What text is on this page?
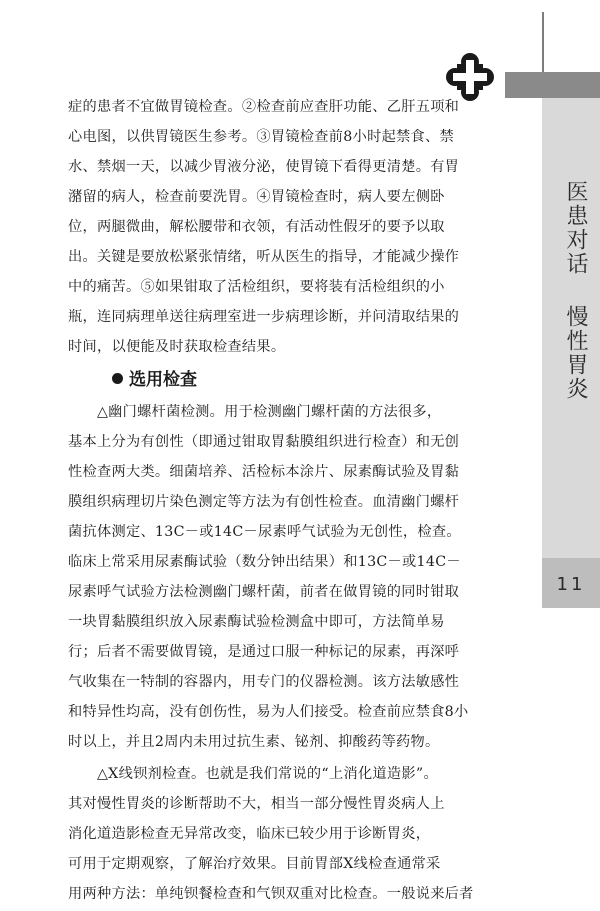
医患对话
慢性胃炎
11

症的患者不宜做胃镜检查。②检查前应查肝功能、乙肝五项和
心电图，以供胃镜医生参考。③胃镜检查前8小时起禁食、禁
水、禁烟一天，以减少胃液分泌，使胃镜下看得更清楚。有胃
潴留的病人，检查前要洗胃。④胃镜检查时，病人要左侧卧
位，两腿微曲，解松腰带和衣领，有活动性假牙的要予以取
出。关键是要放松紧张情绪，听从医生的指导，才能减少操作
中的痛苦。⑤如果钳取了活检组织，要将装有活检组织的小
瓶，连同病理单送往病理室进一步病理诊断，并问清取结果的
时间，以便能及时获取检查结果。

选用检查

　　△幽门螺杆菌检测。用于检测幽门螺杆菌的方法很多，
基本上分为有创性（即通过钳取胃黏膜组织进行检查）和无创
性检查两大类。细菌培养、活检标本涂片、尿素酶试验及胃黏
膜组织病理切片染色测定等方法为有创性检查。血清幽门螺杆
菌抗体测定、13C－或14C－尿素呼气试验为无创性，检查。
临床上常采用尿素酶试验（数分钟出结果）和13C－或14C－
尿素呼气试验方法检测幽门螺杆菌，前者在做胃镜的同时钳取
一块胃黏膜组织放入尿素酶试验检测盒中即可，方法简单易
行；后者不需要做胃镜，是通过口服一种标记的尿素，再深呼
气收集在一特制的容器内，用专门的仪器检测。该方法敏感性
和特异性均高，没有创伤性，易为人们接受。检查前应禁食8小
时以上，并且2周内未用过抗生素、铋剂、抑酸药等药物。

　　△X线钡剂检查。也就是我们常说的“上消化道造影”。
其对慢性胃炎的诊断帮助不大，相当一部分慢性胃炎病人上
消化道造影检查无异常改变，临床已较少用于诊断胃炎，
可用于定期观察，了解治疗效果。目前胃部X线检查通常采
用两种方法：单纯钡餐检查和气钡双重对比检查。一般说来后者
